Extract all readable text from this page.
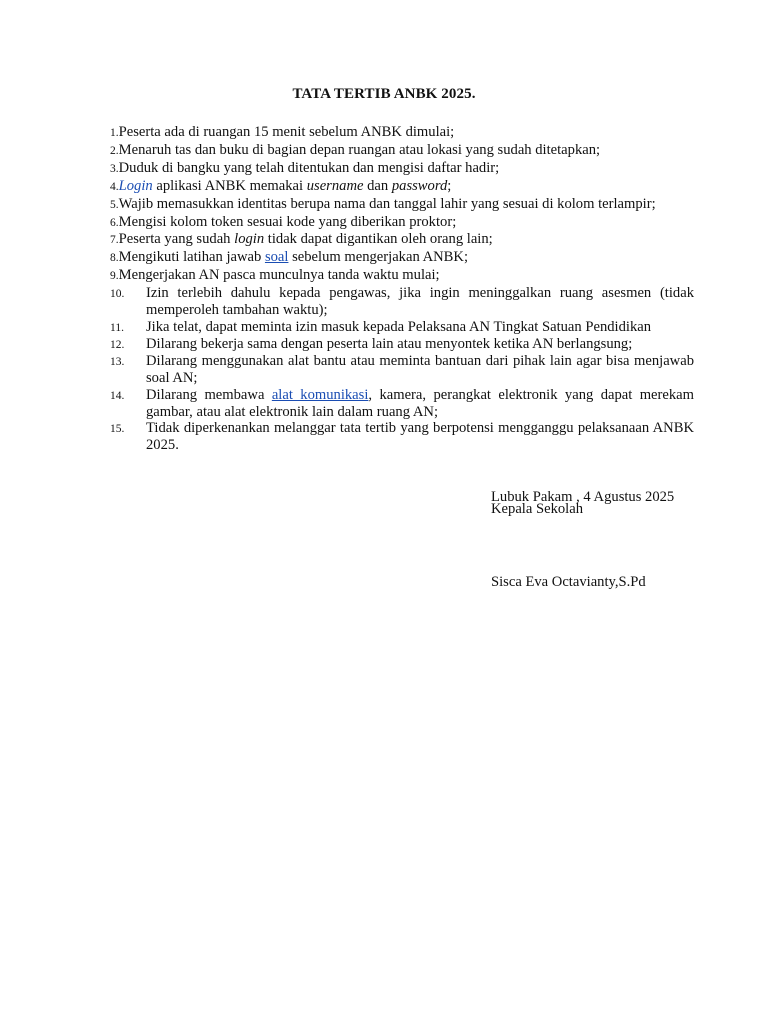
TATA TERTIB ANBK 2025.

1.Peserta ada di ruangan 15 menit sebelum ANBK dimulai;

2.Menaruh tas dan buku di bagian depan ruangan atau lokasi yang sudah ditetapkan;

3.Duduk di bangku yang telah ditentukan dan mengisi daftar hadir;

4.Login aplikasi ANBK memakai username dan password;

5.Wajib memasukkan identitas berupa nama dan tanggal lahir yang sesuai di kolom terlampir;

6.Mengisi kolom token sesuai kode yang diberikan proktor;

7.Peserta yang sudah login tidak dapat digantikan oleh orang lain;

8.Mengikuti latihan jawab soal sebelum mengerjakan ANBK;

9.Mengerjakan AN pasca munculnya tanda waktu mulai;

10. Izin terlebih dahulu kepada pengawas, jika ingin meninggalkan ruang asesmen (tidak memperoleh tambahan waktu);

11. Jika telat, dapat meminta izin masuk kepada Pelaksana AN Tingkat Satuan Pendidikan

12. Dilarang bekerja sama dengan peserta lain atau menyontek ketika AN berlangsung;

13. Dilarang menggunakan alat bantu atau meminta bantuan dari pihak lain agar bisa menjawab soal AN;

14. Dilarang membawa alat komunikasi, kamera, perangkat elektronik yang dapat merekam gambar, atau alat elektronik lain dalam ruang AN;

15. Tidak diperkenankan melanggar tata tertib yang berpotensi mengganggu pelaksanaan ANBK 2025.

Lubuk Pakam , 4 Agustus 2025
Kepala Sekolah
Sisca Eva Octavianty,S.Pd
